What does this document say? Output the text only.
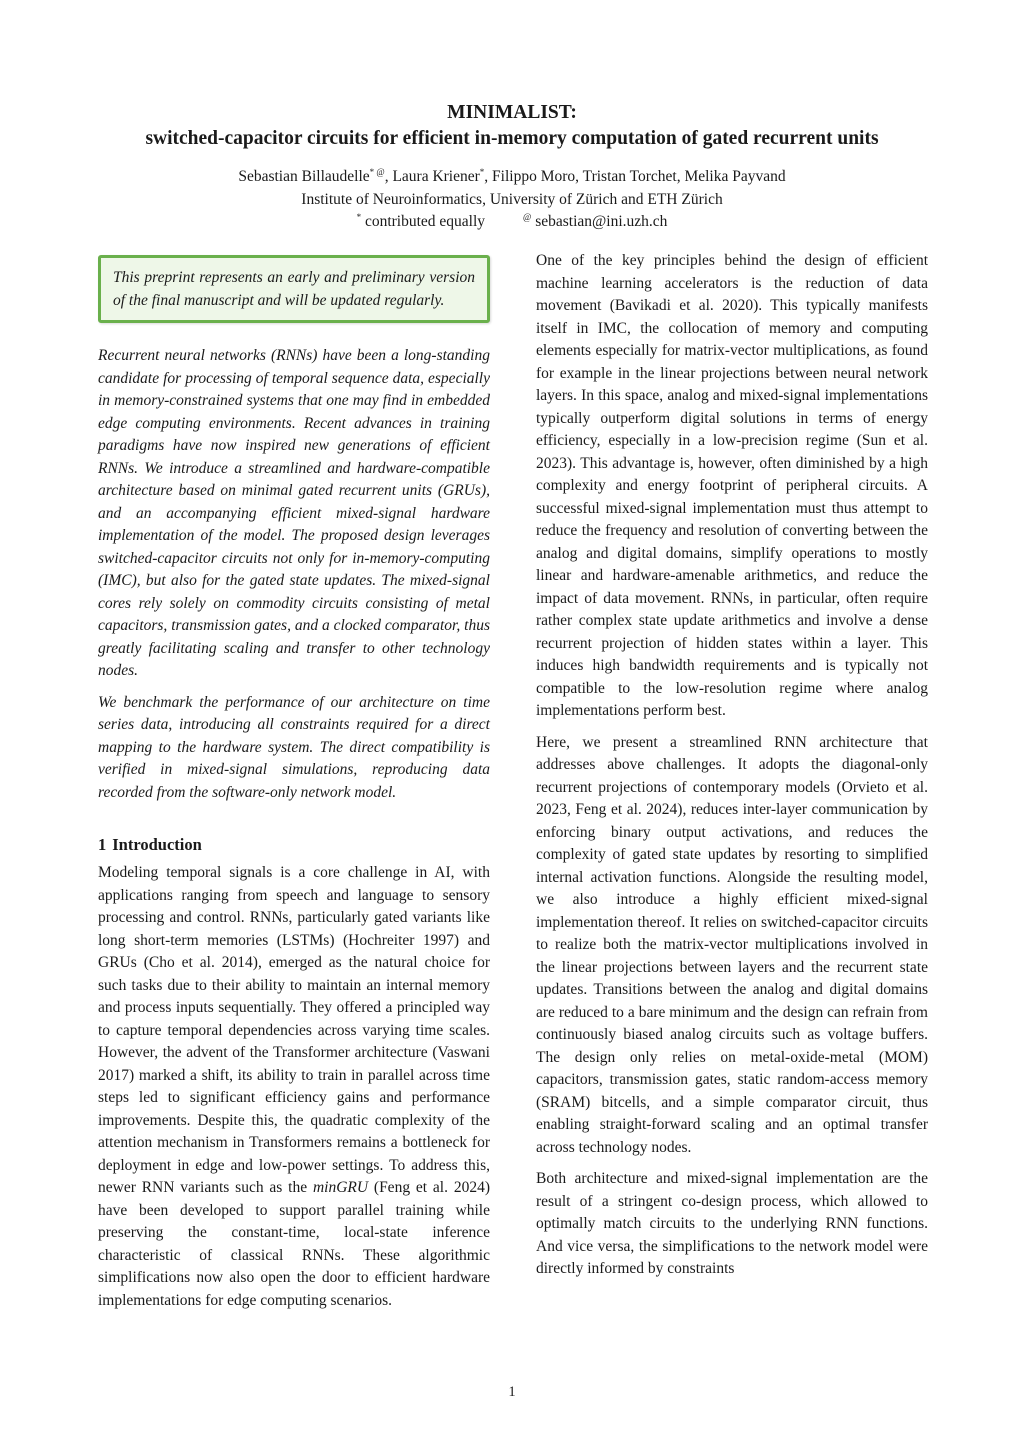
MINIMALIST:

switched-capacitor circuits for efficient in-memory computation of gated recurrent units

Sebastian Billaudelle* @, Laura Kriener*, Filippo Moro, Tristan Torchet, Melika Payvand

Institute of Neuroinformatics, University of Zürich and ETH Zürich

* contributed equally	@ sebastian@ini.uzh.ch

This preprint represents an early and preliminary version of the final manuscript and will be updated regularly.

Recurrent neural networks (RNNs) have been a long-standing candidate for processing of temporal sequence data, especially in memory-constrained systems that one may find in embedded edge computing environments. Recent advances in training paradigms have now inspired new generations of efficient RNNs. We introduce a streamlined and hardware-compatible architecture based on minimal gated recurrent units (GRUs), and an accompanying efficient mixed-signal hardware implementation of the model. The proposed design leverages switched-capacitor circuits not only for in-memory-computing (IMC), but also for the gated state updates. The mixed-signal cores rely solely on commodity circuits consisting of metal capacitors, transmission gates, and a clocked comparator, thus greatly facilitating scaling and transfer to other technology nodes.

We benchmark the performance of our architecture on time series data, introducing all constraints required for a direct mapping to the hardware system. The direct compatibility is verified in mixed-signal simulations, reproducing data recorded from the software-only network model.

1 Introduction

Modeling temporal signals is a core challenge in AI, with applications ranging from speech and language to sensory processing and control. RNNs, particularly gated variants like long short-term memories (LSTMs) (Hochreiter 1997) and GRUs (Cho et al. 2014), emerged as the natural choice for such tasks due to their ability to maintain an internal memory and process inputs sequentially. They offered a principled way to capture temporal dependencies across varying time scales. However, the advent of the Transformer architecture (Vaswani 2017) marked a shift, its ability to train in parallel across time steps led to significant efficiency gains and performance improvements. Despite this, the quadratic complexity of the attention mechanism in Transformers remains a bottleneck for deployment in edge and low-power settings. To address this, newer RNN variants such as the minGRU (Feng et al. 2024) have been developed to support parallel training while preserving the constant-time, local-state inference characteristic of classical RNNs. These algorithmic simplifications now also open the door to efficient hardware implementations for edge computing scenarios.

One of the key principles behind the design of efficient machine learning accelerators is the reduction of data movement (Bavikadi et al. 2020). This typically manifests itself in IMC, the collocation of memory and computing elements especially for matrix-vector multiplications, as found for example in the linear projections between neural network layers. In this space, analog and mixed-signal implementations typically outperform digital solutions in terms of energy efficiency, especially in a low-precision regime (Sun et al. 2023). This advantage is, however, often diminished by a high complexity and energy footprint of peripheral circuits. A successful mixed-signal implementation must thus attempt to reduce the frequency and resolution of converting between the analog and digital domains, simplify operations to mostly linear and hardware-amenable arithmetics, and reduce the impact of data movement. RNNs, in particular, often require rather complex state update arithmetics and involve a dense recurrent projection of hidden states within a layer. This induces high bandwidth requirements and is typically not compatible to the low-resolution regime where analog implementations perform best.

Here, we present a streamlined RNN architecture that addresses above challenges. It adopts the diagonal-only recurrent projections of contemporary models (Orvieto et al. 2023, Feng et al. 2024), reduces inter-layer communication by enforcing binary output activations, and reduces the complexity of gated state updates by resorting to simplified internal activation functions. Alongside the resulting model, we also introduce a highly efficient mixed-signal implementation thereof. It relies on switched-capacitor circuits to realize both the matrix-vector multiplications involved in the linear projections between layers and the recurrent state updates. Transitions between the analog and digital domains are reduced to a bare minimum and the design can refrain from continuously biased analog circuits such as voltage buffers. The design only relies on metal-oxide-metal (MOM) capacitors, transmission gates, static random-access memory (SRAM) bitcells, and a simple comparator circuit, thus enabling straight-forward scaling and an optimal transfer across technology nodes.

Both architecture and mixed-signal implementation are the result of a stringent co-design process, which allowed to optimally match circuits to the underlying RNN functions. And vice versa, the simplifications to the network model were directly informed by constraints

1
